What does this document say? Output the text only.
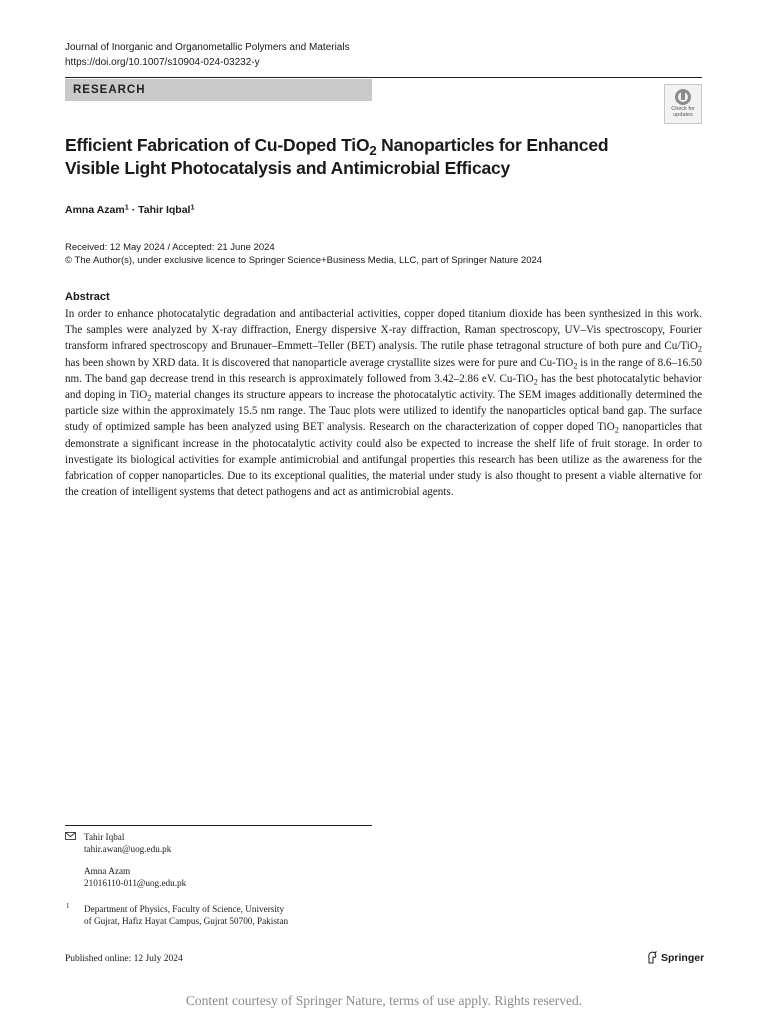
Journal of Inorganic and Organometallic Polymers and Materials
https://doi.org/10.1007/s10904-024-03232-y
RESEARCH
Check for
updates
Efficient Fabrication of Cu-Doped TiO$_2$ Nanoparticles for Enhanced
Visible Light Photocatalysis and Antimicrobial Efficacy
Amna Azam$^1$ · Tahir Iqbal$^1$
Received: 12 May 2024 / Accepted: 21 June 2024
© The Author(s), under exclusive licence to Springer Science+Business Media, LLC, part of Springer Nature 2024
Abstract
In order to enhance photocatalytic degradation and antibacterial activities, copper doped titanium dioxide has been synthesized in this work. The samples were analyzed by X-ray diffraction, Energy dispersive X-ray diffraction, Raman spectroscopy, UV–Vis spectroscopy, Fourier transform infrared spectroscopy and Brunauer–Emmett–Teller (BET) analysis. The rutile phase tetragonal structure of both pure and Cu/TiO$_2$ has been shown by XRD data. It is discovered that nanoparticle average crystallite sizes were for pure and Cu-TiO$_2$ is in the range of 8.6–16.50 nm. The band gap decrease trend in this research is approximately followed from 3.42–2.86 eV. Cu-TiO$_2$ has the best photocatalytic behavior and doping in TiO$_2$ material changes its structure appears to increase the photocatalytic activity. The SEM images additionally determined the particle size within the approximately 15.5 nm range. The Tauc plots were utilized to identify the nanoparticles optical band gap. The surface study of optimized sample has been analyzed using BET analysis. Research on the characterization of copper doped TiO$_2$ nanoparticles that demonstrate a significant increase in the photocatalytic activity could also be expected to increase the shelf life of fruit storage. In order to investigate its biological activities for example antimicrobial and antifungal properties this research has been utilize as the awareness for the fabrication of copper nanoparticles. Due to its exceptional qualities, the material under study is also thought to present a viable alternative for the creation of intelligent systems that detect pathogens and act as antimicrobial agents.
Tahir Iqbal
tahir.awan@uog.edu.pk
Amna Azam
21016110-011@uog.edu.pk
1 Department of Physics, Faculty of Science, University
of Gujrat, Hafiz Hayat Campus, Gujrat 50700, Pakistan
Published online: 12 July 2024	Springer
Content courtesy of Springer Nature, terms of use apply. Rights reserved.
